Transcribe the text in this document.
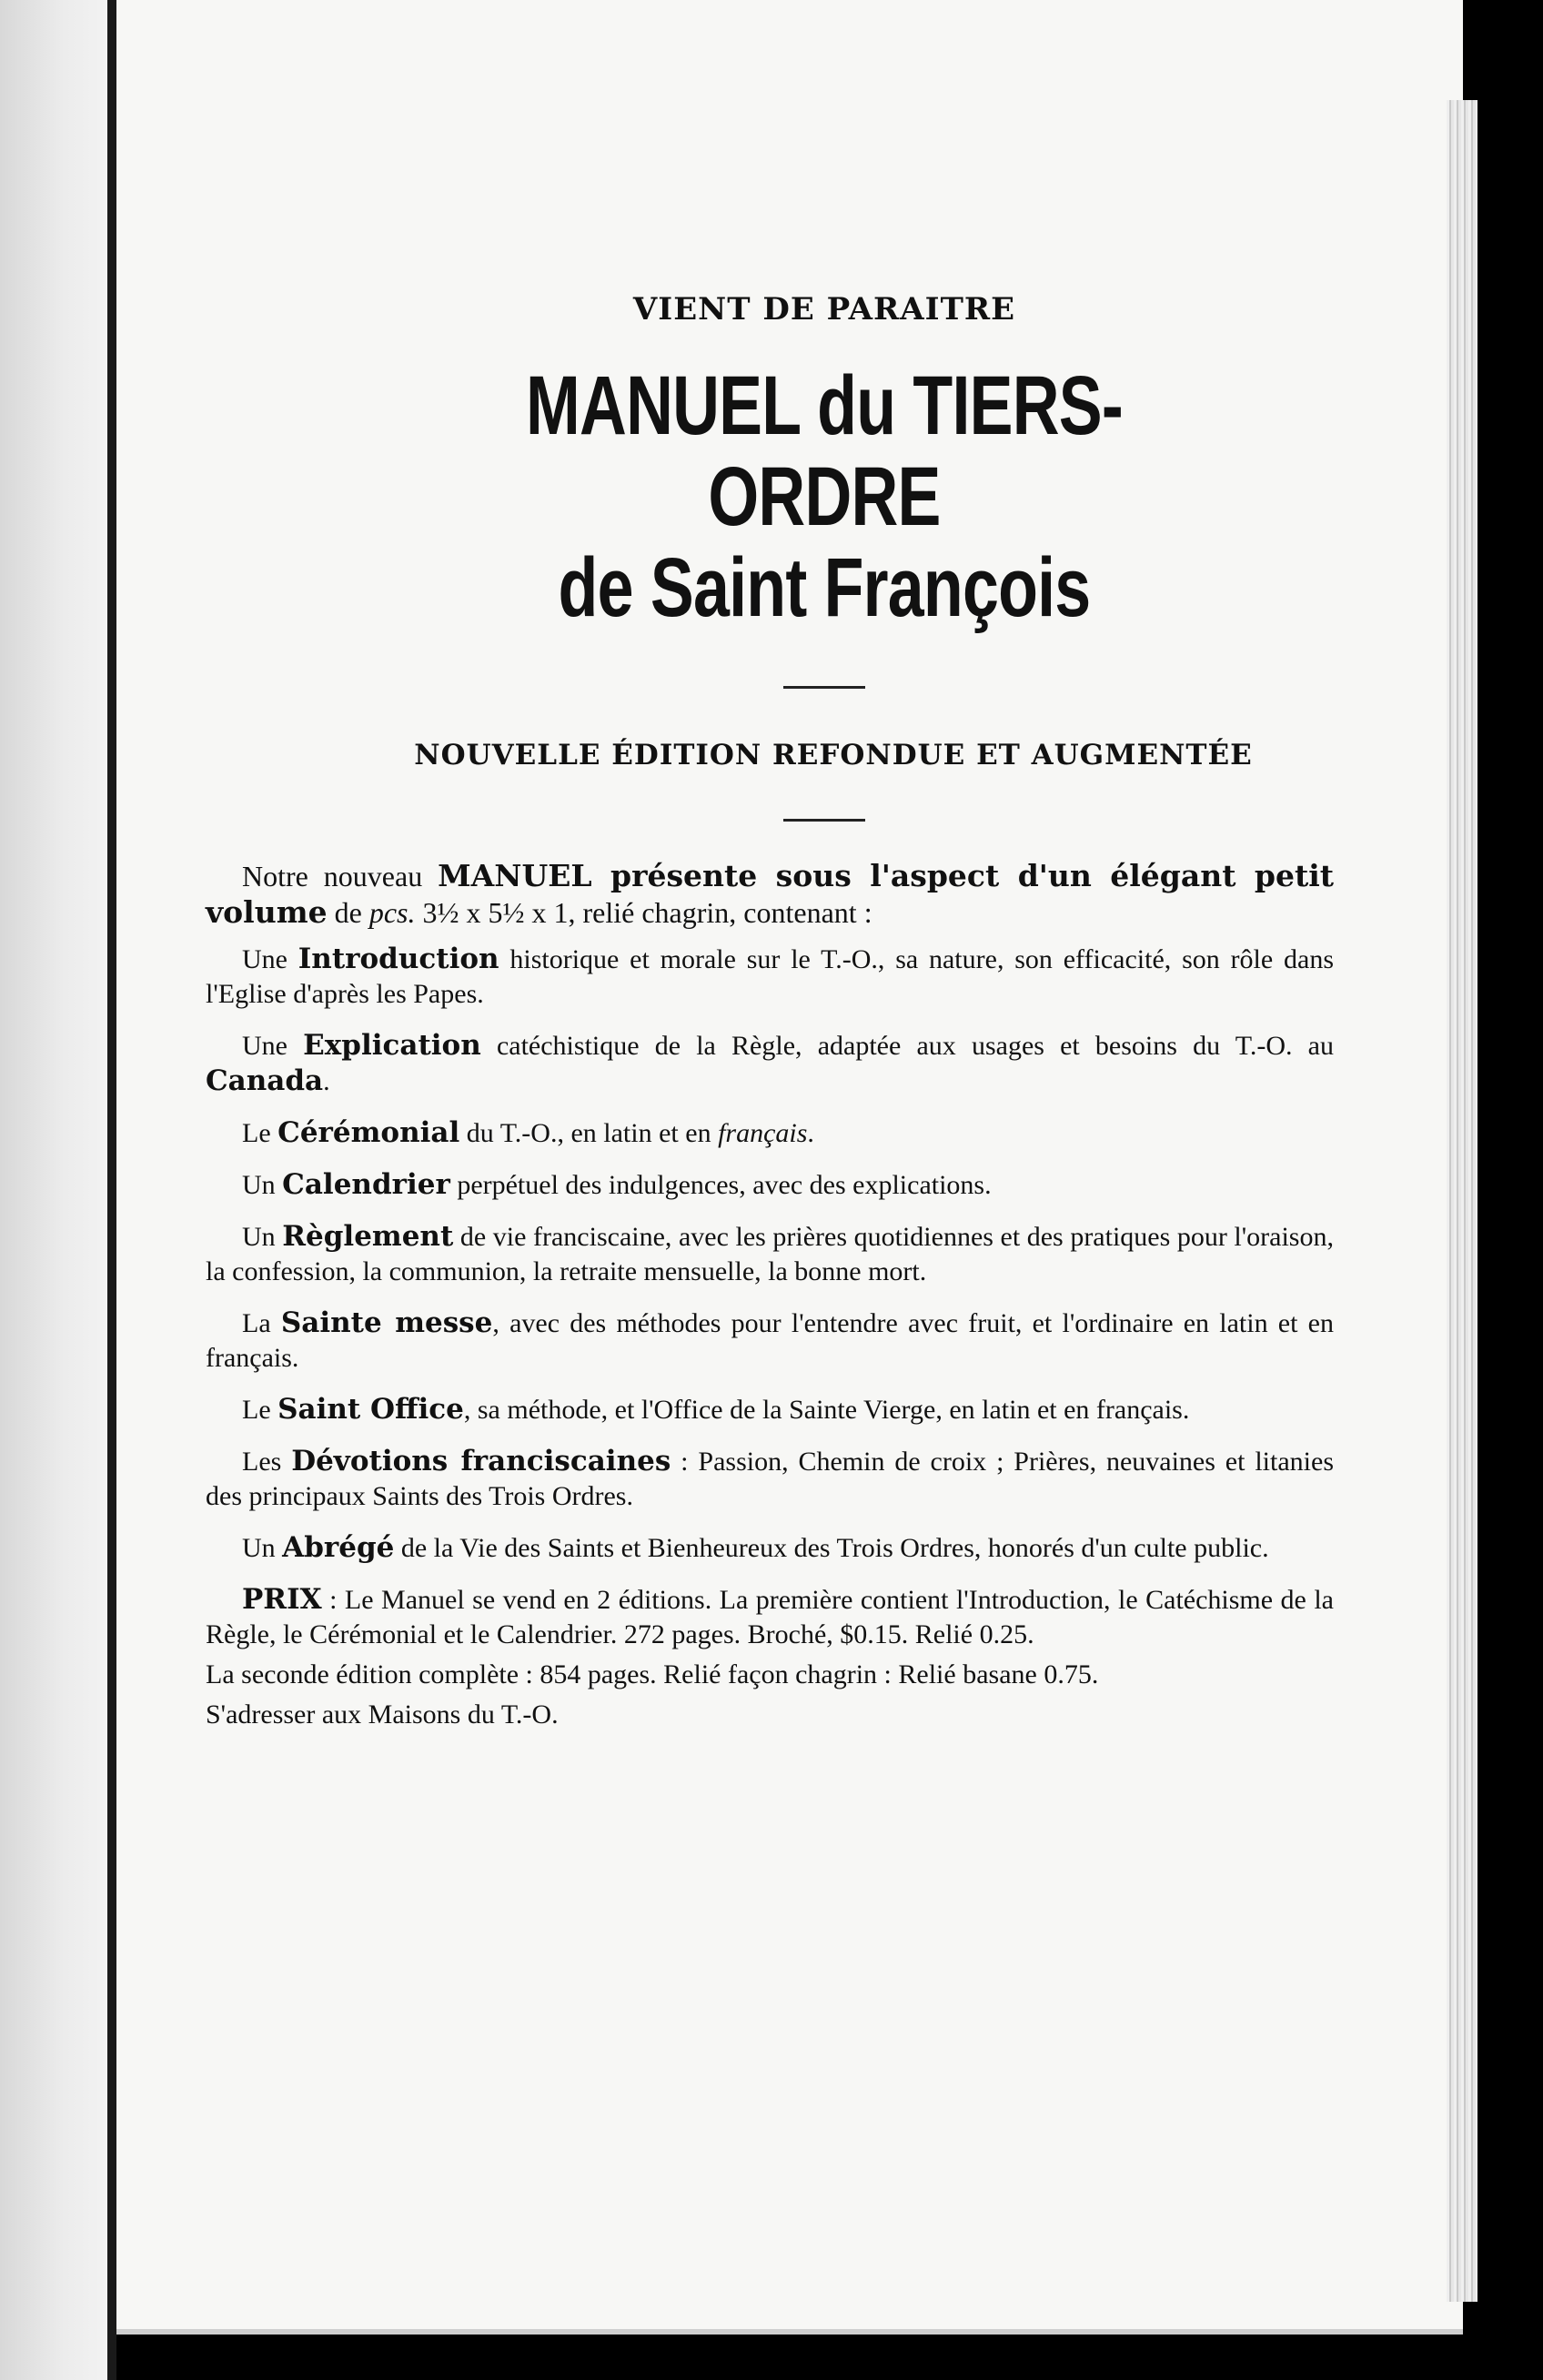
VIENT DE PARAITRE
MANUEL du TIERS-ORDRE
de Saint François
NOUVELLE ÉDITION REFONDUE ET AUGMENTÉE

Notre nouveau MANUEL présente sous l'aspect d'un élégant petit volume de pcs. 3½ x 5½ x 1, relié chagrin, contenant :

Une Introduction historique et morale sur le T.-O., sa nature, son efficacité, son rôle dans l'Eglise d'après les Papes.

Une Explication catéchistique de la Règle, adaptée aux usages et besoins du T.-O. au Canada.

Le Cérémonial du T.-O., en latin et en français.

Un Calendrier perpétuel des indulgences, avec des explications.

Un Règlement de vie franciscaine, avec les prières quotidiennes et des pratiques pour l'oraison, la confession, la communion, la retraite mensuelle, la bonne mort.

La Sainte messe, avec des méthodes pour l'entendre avec fruit, et l'ordinaire en latin et en français.

Le Saint Office, sa méthode, et l'Office de la Sainte Vierge, en latin et en français.

Les Dévotions franciscaines : Passion, Chemin de croix ; Prières, neuvaines et litanies des principaux Saints des Trois Ordres.

Un Abrégé de la Vie des Saints et Bienheureux des Trois Ordres, honorés d'un culte public.

PRIX : Le Manuel se vend en 2 éditions. La première contient l'Introduction, le Catéchisme de la Règle, le Cérémonial et le Calendrier. 272 pages. Broché, $0.15. Relié 0.25.

La seconde édition complète : 854 pages. Relié façon chagrin : Relié basane 0.75.

S'adresser aux Maisons du T.-O.
